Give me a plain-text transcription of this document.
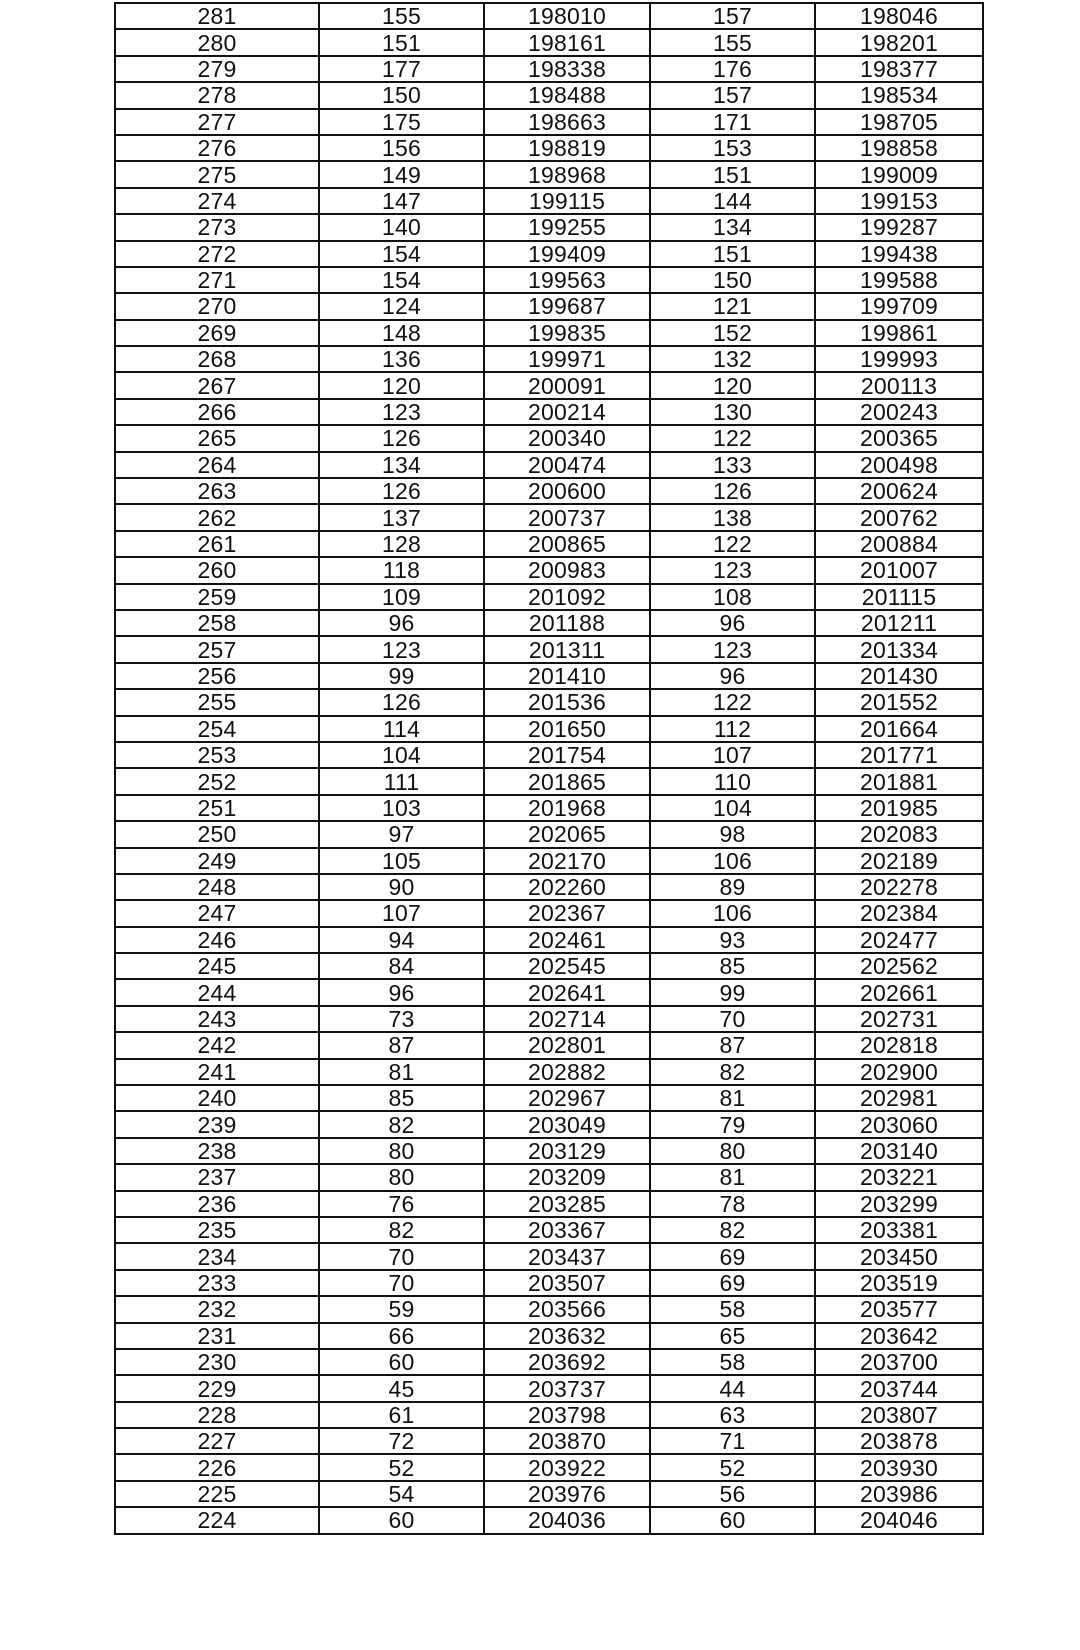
281	155	198010	157	198046
280	151	198161	155	198201
279	177	198338	176	198377
278	150	198488	157	198534
277	175	198663	171	198705
276	156	198819	153	198858
275	149	198968	151	199009
274	147	199115	144	199153
273	140	199255	134	199287
272	154	199409	151	199438
271	154	199563	150	199588
270	124	199687	121	199709
269	148	199835	152	199861
268	136	199971	132	199993
267	120	200091	120	200113
266	123	200214	130	200243
265	126	200340	122	200365
264	134	200474	133	200498
263	126	200600	126	200624
262	137	200737	138	200762
261	128	200865	122	200884
260	118	200983	123	201007
259	109	201092	108	201115
258	96	201188	96	201211
257	123	201311	123	201334
256	99	201410	96	201430
255	126	201536	122	201552
254	114	201650	112	201664
253	104	201754	107	201771
252	111	201865	110	201881
251	103	201968	104	201985
250	97	202065	98	202083
249	105	202170	106	202189
248	90	202260	89	202278
247	107	202367	106	202384
246	94	202461	93	202477
245	84	202545	85	202562
244	96	202641	99	202661
243	73	202714	70	202731
242	87	202801	87	202818
241	81	202882	82	202900
240	85	202967	81	202981
239	82	203049	79	203060
238	80	203129	80	203140
237	80	203209	81	203221
236	76	203285	78	203299
235	82	203367	82	203381
234	70	203437	69	203450
233	70	203507	69	203519
232	59	203566	58	203577
231	66	203632	65	203642
230	60	203692	58	203700
229	45	203737	44	203744
228	61	203798	63	203807
227	72	203870	71	203878
226	52	203922	52	203930
225	54	203976	56	203986
224	60	204036	60	204046
